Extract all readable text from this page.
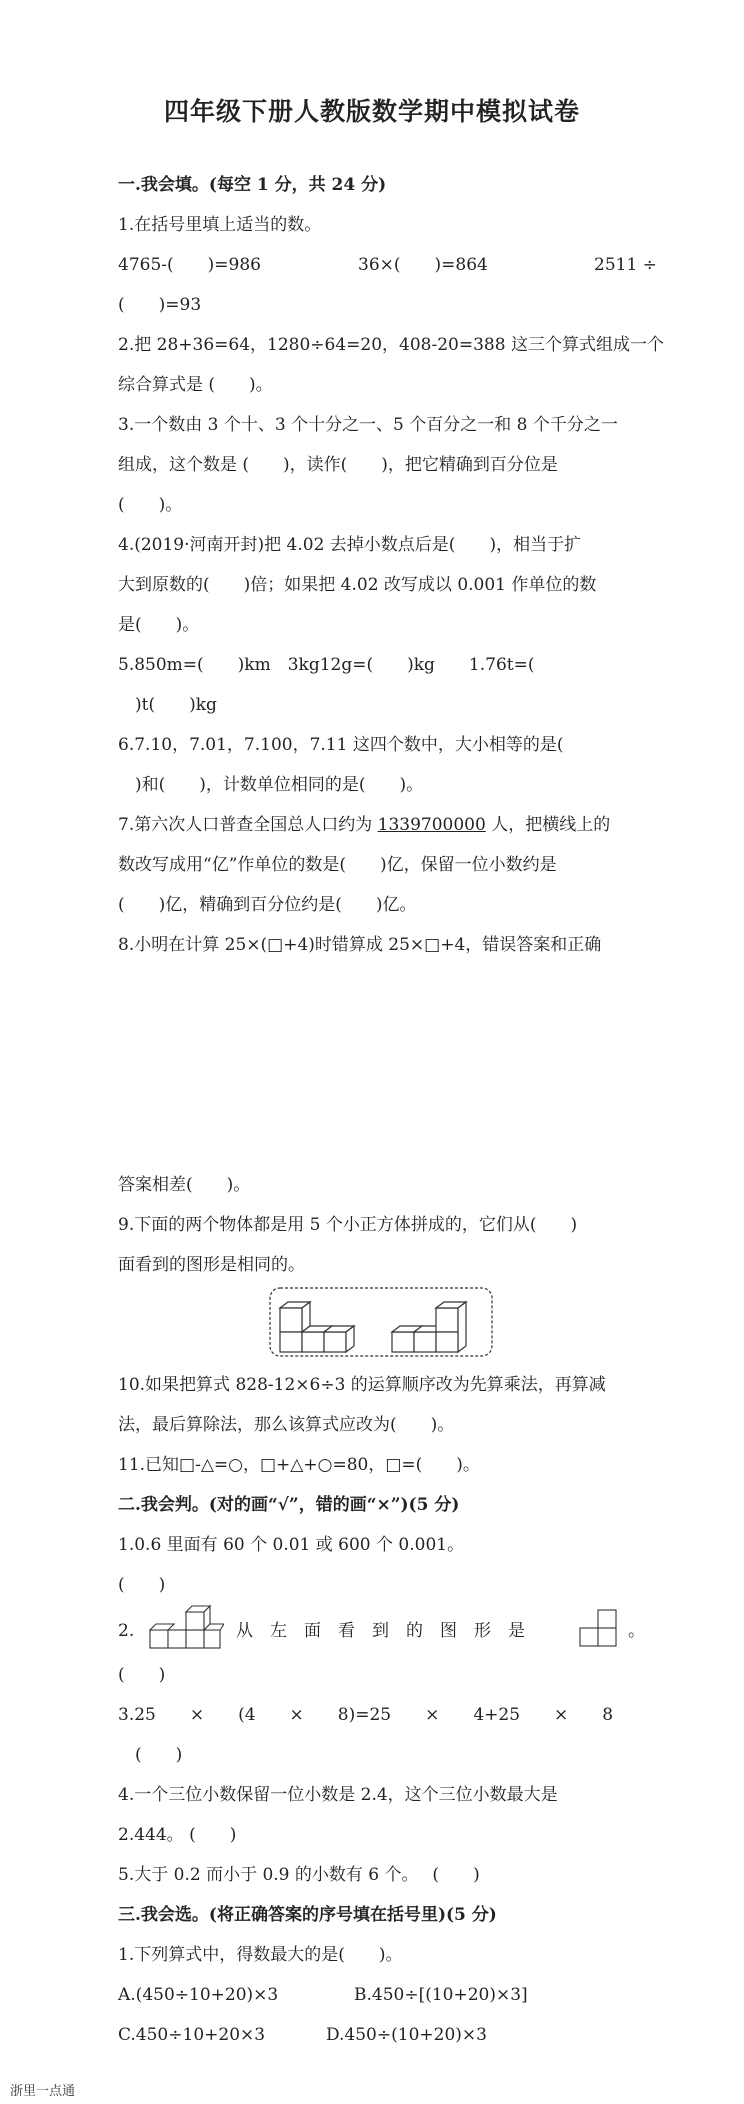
四年级下册人教版数学期中模拟试卷
一.我会填。(每空 1 分，共 24 分)
1.在括号里填上适当的数。
4765-(　　)=986	36×(　　)=864	2511 ÷
(　　)=93
2.把 28+36=64，1280÷64=20，408-20=388 这三个算式组成一个
综合算式是 (　　)。
3.一个数由 3 个十、3 个十分之一、5 个百分之一和 8 个千分之一
组成，这个数是 (　　)，读作(　　)，把它精确到百分位是
(　　)。
4.(2019·河南开封)把 4.02 去掉小数点后是(　　)，相当于扩
大到原数的(　　)倍；如果把 4.02 改写成以 0.001 作单位的数
是(　　)。
5.850m=(　　)km　3kg12g=(　　)kg　　1.76t=(
　)t(　　)kg
6.7.10，7.01，7.100，7.11 这四个数中，大小相等的是(
　)和(　　)，计数单位相同的是(　　)。
7.第六次人口普查全国总人口约为 1339700000 人，把横线上的
数改写成用“亿”作单位的数是(　　)亿，保留一位小数约是
(　　)亿，精确到百分位约是(　　)亿。
8.小明在计算 25×(□+4)时错算成 25×□+4，错误答案和正确
答案相差(　　)。
9.下面的两个物体都是用 5 个小正方体拼成的，它们从(　　)
面看到的图形是相同的。
10.如果把算式 828-12×6÷3 的运算顺序改为先算乘法，再算减
法，最后算除法，那么该算式应改为(　　)。
11.已知□-△=○，□+△+○=80，□=(　　)。
二.我会判。(对的画“√”，错的画“×”)(5 分)
1.0.6 里面有 60 个 0.01 或 600 个 0.001。
(　　)
2.	从　左　面　看　到　的　图　形　是	。
(　　)
3.25　　×　　(4　　×　　8)=25　　×　　4+25　　×　　8
　(　　)
4.一个三位小数保留一位小数是 2.4，这个三位小数最大是
2.444。 (　　)
5.大于 0.2 而小于 0.9 的小数有 6 个。　 (　　)
三.我会选。(将正确答案的序号填在括号里)(5 分)
1.下列算式中，得数最大的是(　　)。
A.(450÷10+20)×3	B.450÷[(10+20)×3]
C.450÷10+20×3	D.450÷(10+20)×3
浙里一点通
